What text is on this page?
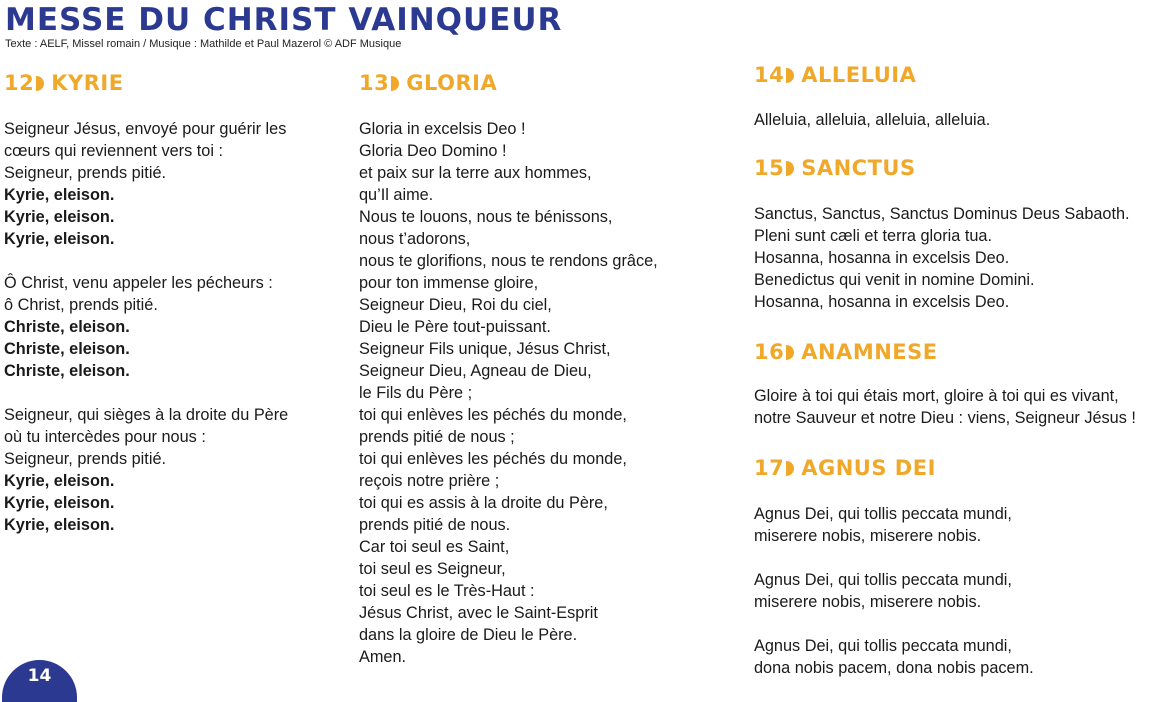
MESSE DU CHRIST VAINQUEUR
Texte : AELF, Missel romain / Musique : Mathilde et Paul Mazerol © ADF Musique
12 KYRIE
Seigneur Jésus, envoyé pour guérir les
cœurs qui reviennent vers toi :
Seigneur, prends pitié.
Kyrie, eleison.
Kyrie, eleison.
Kyrie, eleison.
Ô Christ, venu appeler les pécheurs :
ô Christ, prends pitié.
Christe, eleison.
Christe, eleison.
Christe, eleison.
Seigneur, qui sièges à la droite du Père
où tu intercèdes pour nous :
Seigneur, prends pitié.
Kyrie, eleison.
Kyrie, eleison.
Kyrie, eleison.
13 GLORIA
Gloria in excelsis Deo !
Gloria Deo Domino !
et paix sur la terre aux hommes,
qu’Il aime.
Nous te louons, nous te bénissons,
nous t’adorons,
nous te glorifions, nous te rendons grâce,
pour ton immense gloire,
Seigneur Dieu, Roi du ciel,
Dieu le Père tout-puissant.
Seigneur Fils unique, Jésus Christ,
Seigneur Dieu, Agneau de Dieu,
le Fils du Père ;
toi qui enlèves les péchés du monde,
prends pitié de nous ;
toi qui enlèves les péchés du monde,
reçois notre prière ;
toi qui es assis à la droite du Père,
prends pitié de nous.
Car toi seul es Saint,
toi seul es Seigneur,
toi seul es le Très-Haut :
Jésus Christ, avec le Saint-Esprit
dans la gloire de Dieu le Père.
Amen.
14 ALLELUIA
Alleluia, alleluia, alleluia, alleluia.
15 SANCTUS
Sanctus, Sanctus, Sanctus Dominus Deus Sabaoth.
Pleni sunt cæli et terra gloria tua.
Hosanna, hosanna in excelsis Deo.
Benedictus qui venit in nomine Domini.
Hosanna, hosanna in excelsis Deo.
16 ANAMNESE
Gloire à toi qui étais mort, gloire à toi qui es vivant,
notre Sauveur et notre Dieu : viens, Seigneur Jésus !
17 AGNUS DEI
Agnus Dei, qui tollis peccata mundi,
miserere nobis, miserere nobis.
Agnus Dei, qui tollis peccata mundi,
miserere nobis, miserere nobis.
Agnus Dei, qui tollis peccata mundi,
dona nobis pacem, dona nobis pacem.
14
